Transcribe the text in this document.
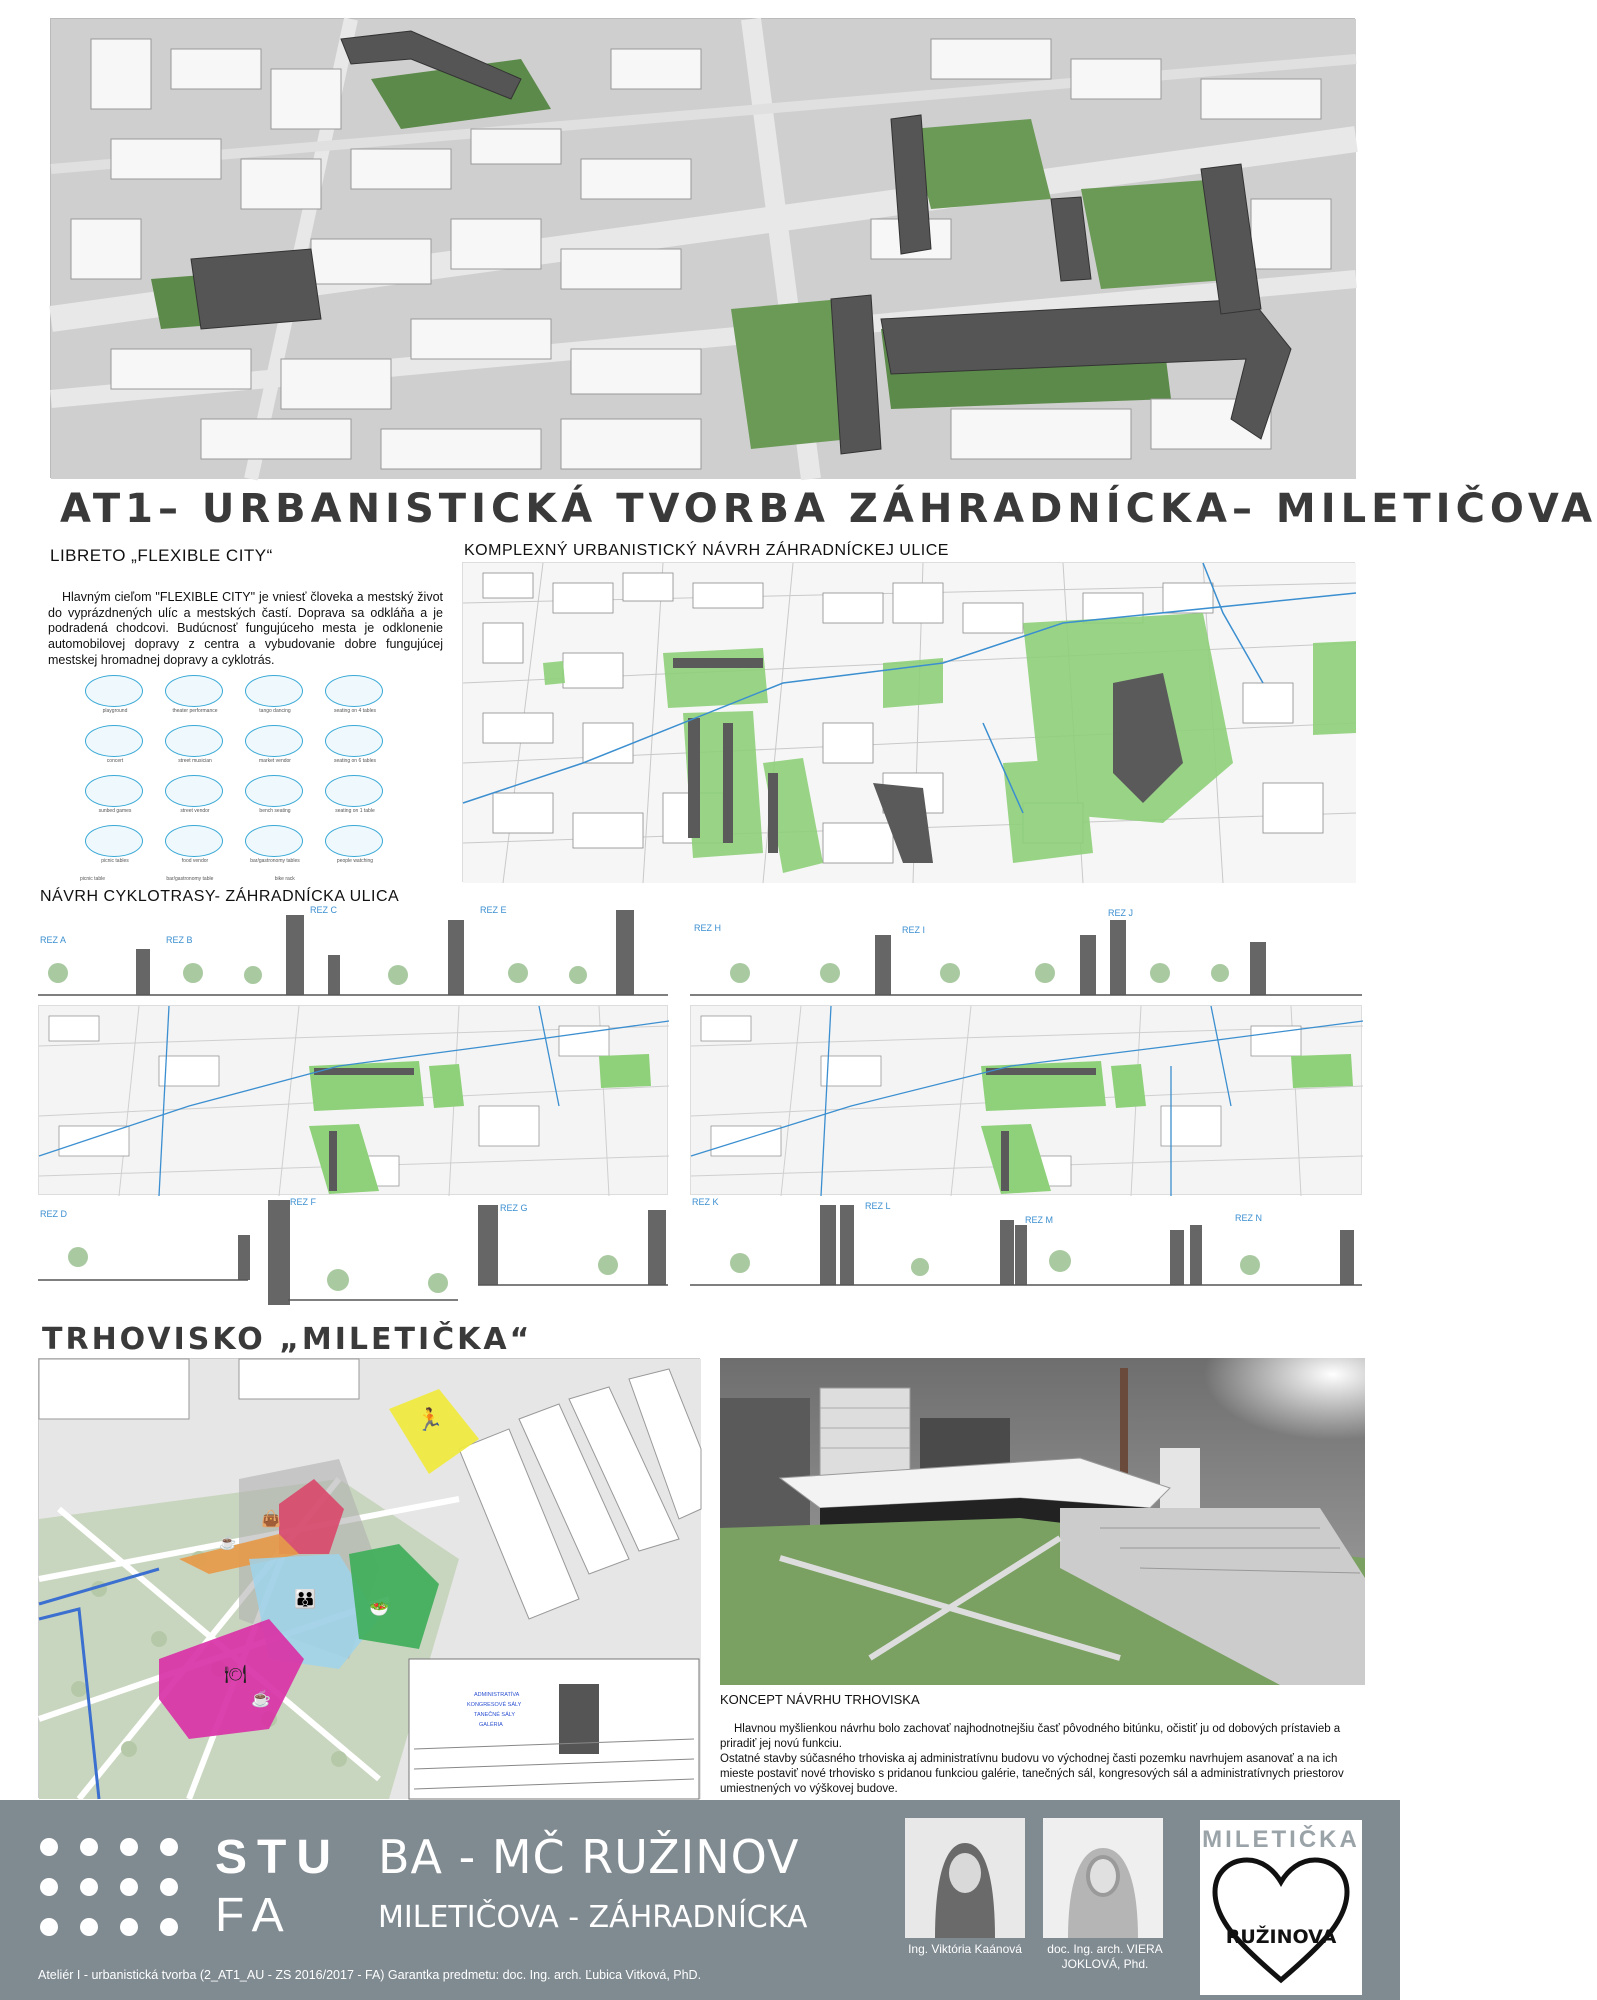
AT1– URBANISTICKÁ TVORBA ZÁHRADNÍCKA– MILETIČOVA
LIBRETO „FLEXIBLE CITY“
Hlavným cieľom "FLEXIBLE CITY" je vniesť človeka a mestský život do vyprázdnených ulíc a mestských častí. Doprava sa odkláňa a je podradená chodcovi. Budúcnosť fungujúceho mesta je odklonenie automobilovej dopravy z centra a vybudovanie dobre fungujúcej mestskej hromadnej dopravy a cyklotrás.
playground	theater performance	tango dancing	seating on 4 tables
concert	street musician	market vendor	seating on 6 tables
sunbed games	street vendor	bench seating	seating on 1 table
picnic tables	food vendor	bar/gastronomy tables	people watching
picnic table	bar/gastronomy table	bike rack
KOMPLEXNÝ URBANISTICKÝ NÁVRH ZÁHRADNÍCKEJ ULICE
NÁVRH CYKLOTRASY- ZÁHRADNÍCKA ULICA
REZ A	REZ B
REZ C	REZ E
REZ D
REZ F
REZ G
REZ H	REZ I
REZ J
REZ K	REZ L
REZ M	REZ N
TRHOVISKO „MILETIČKA“
ADMINISTRATÍVA
KONGRESOVÉ SÁLY
TANEČNÉ SÁLY
GALÉRIA
🏃
👜
☕
👪
🥗
🍽
☕	KONCEPT NÁVRHU TRHOVISKA

Hlavnou myšlienkou návrhu bolo zachovať najhodnotnejšiu časť pôvodného bitúnku, očistiť ju od dobových prístavieb a priradiť jej novú funkciu.

Ostatné stavby súčasného trhoviska aj administratívnu budovu vo východnej časti pozemku navrhujem asanovať a na ich mieste postaviť nové trhovisko s pridanou funkciou galérie, tanečných sál, kongresových sál a administratívnych priestorov umiestnených vo výškovej budove.

STU
FA
BA - MČ RUŽINOV
MILETIČOVA - ZÁHRADNÍCKA
Ateliér I - urbanistická tvorba (2_AT1_AU - ZS 2016/2017 - FA) Garantka predmetu: doc. Ing. arch. Ľubica Vitková, PhD.
Ing. Viktória Kaánová	doc. Ing. arch. VIERA
JOKLOVÁ, Phd.
MILETIČKA
RUŽINOVA
